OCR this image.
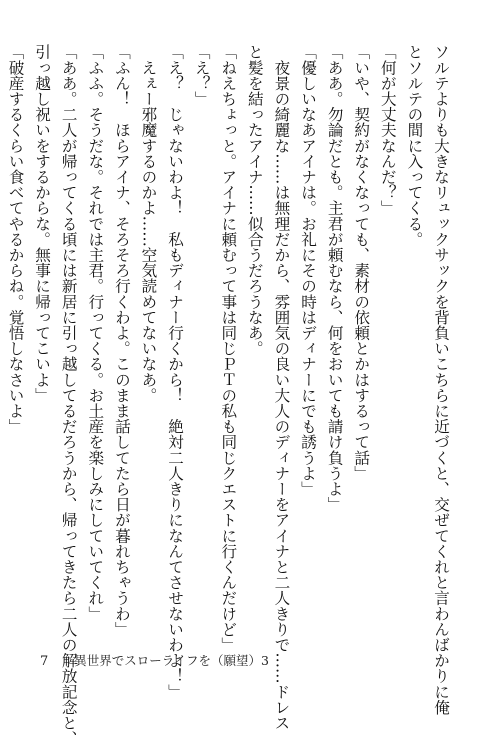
ソルテよりも大きなリュックサックを背負いこちらに近づくと、交ぜてくれと言わんばかりに俺
とソルテの間に入ってくる。
「何が大丈夫なんだ？」
「いや、契約がなくなっても、素材の依頼とかはするって話」
「ああ。勿論だとも。主君が頼むなら、何をおいても請け負うよ」
「優しいなあアイナは。お礼にその時はディナーにでも誘うよ」
　夜景の綺麗な……は無理だから、雰囲気の良い大人のディナーをアイナと二人きりで……ドレス
と髪を結ったアイナ……似合うだろうなあ。
「ねえちょっと。アイナに頼むって事は同じＰＴの私も同じクエストに行くんだけど」
「え？」
「え？　じゃないわよ！　私もディナー行くから！　絶対二人きりになんてさせないわよ！」
　えぇー邪魔するのかよ……空気読めてないなあ。
「ふん！　ほらアイナ、そろそろ行くわよ。このまま話してたら日が暮れちゃうわ」
「ふふ。そうだな。それでは主君。行ってくる。お土産を楽しみにしていてくれ」
「ああ。二人が帰ってくる頃には新居に引っ越してるだろうから、帰ってきたら二人の解放記念と、
引っ越し祝いをするからな。無事に帰ってこいよ」
「破産するくらい食べてやるからね。覚悟しなさいよ」
7 異世界でスローライフを（願望）3
